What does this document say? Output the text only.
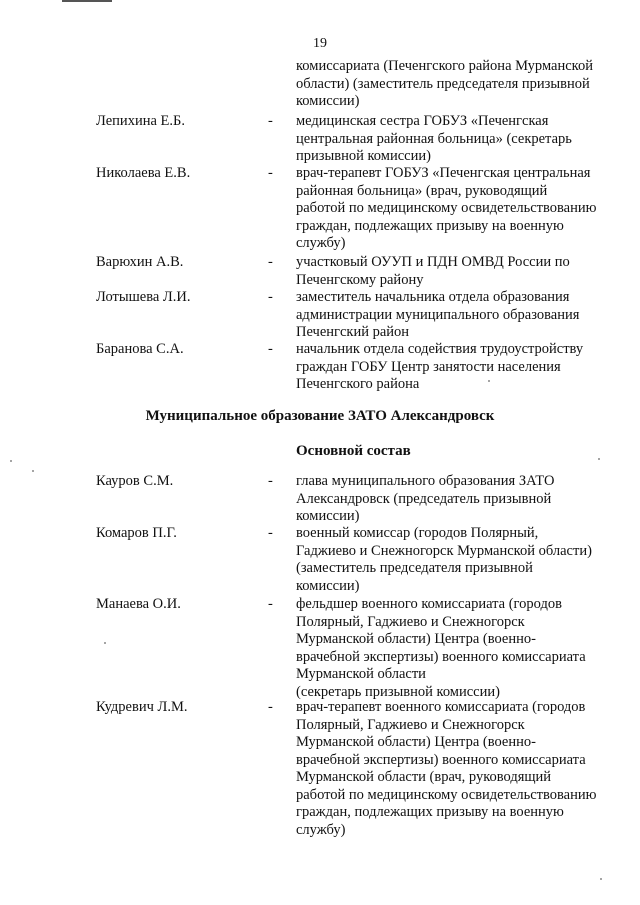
19
комиссариата (Печенгского района Мурманской
области) (заместитель председателя призывной
комиссии)
Лепихина Е.Б.	- медицинская сестра ГОБУЗ «Печенгская
центральная районная больница» (секретарь
призывной комиссии)
Николаева Е.В.	- врач-терапевт ГОБУЗ «Печенгская центральная
районная больница» (врач, руководящий
работой по медицинскому освидетельствованию
граждан, подлежащих призыву на военную
службу)
Варюхин А.В.	- участковый ОУУП и ПДН ОМВД России по
Печенгскому району
Лотышева Л.И.	- заместитель начальника отдела образования
администрации муниципального образования
Печенгский район
Баранова С.А.	- начальник отдела содействия трудоустройству
граждан ГОБУ Центр занятости населения
Печенгского района
Муниципальное образование ЗАТО Александровск
Основной состав
Кауров С.М.	- глава муниципального образования ЗАТО
Александровск (председатель призывной
комиссии)
Комаров П.Г.	- военный комиссар (городов Полярный,
Гаджиево и Снежногорск Мурманской области)
(заместитель председателя призывной
комиссии)
Манаева О.И.	- фельдшер военного комиссариата (городов
Полярный, Гаджиево и Снежногорск
Мурманской области) Центра (военно-
врачебной экспертизы) военного комиссариата
Мурманской области
(секретарь призывной комиссии)
Кудревич Л.М.	- врач-терапевт военного комиссариата (городов
Полярный, Гаджиево и Снежногорск
Мурманской области) Центра (военно-
врачебной экспертизы) военного комиссариата
Мурманской области (врач, руководящий
работой по медицинскому освидетельствованию
граждан, подлежащих призыву на военную
службу)
